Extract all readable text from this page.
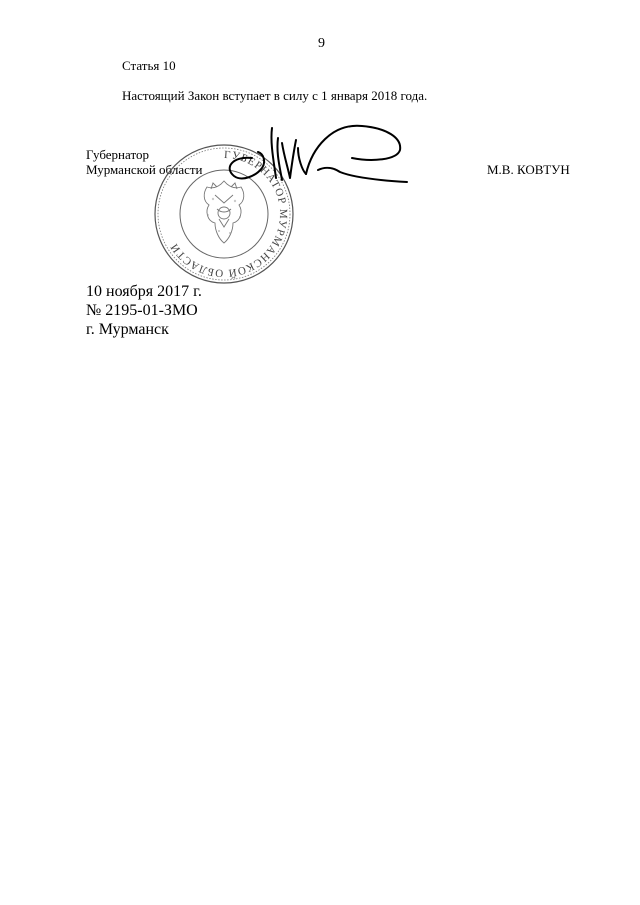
9
Статья 10
Настоящий Закон вступает в силу с 1 января 2018 года.
Губернатор
Мурманской области	М.В. КОВТУН
ГУБЕРНАТОР МУРМАНСКОЙ ОБЛАСТИ
10 ноября 2017 г.
№ 2195-01-ЗМО
г. Мурманск
